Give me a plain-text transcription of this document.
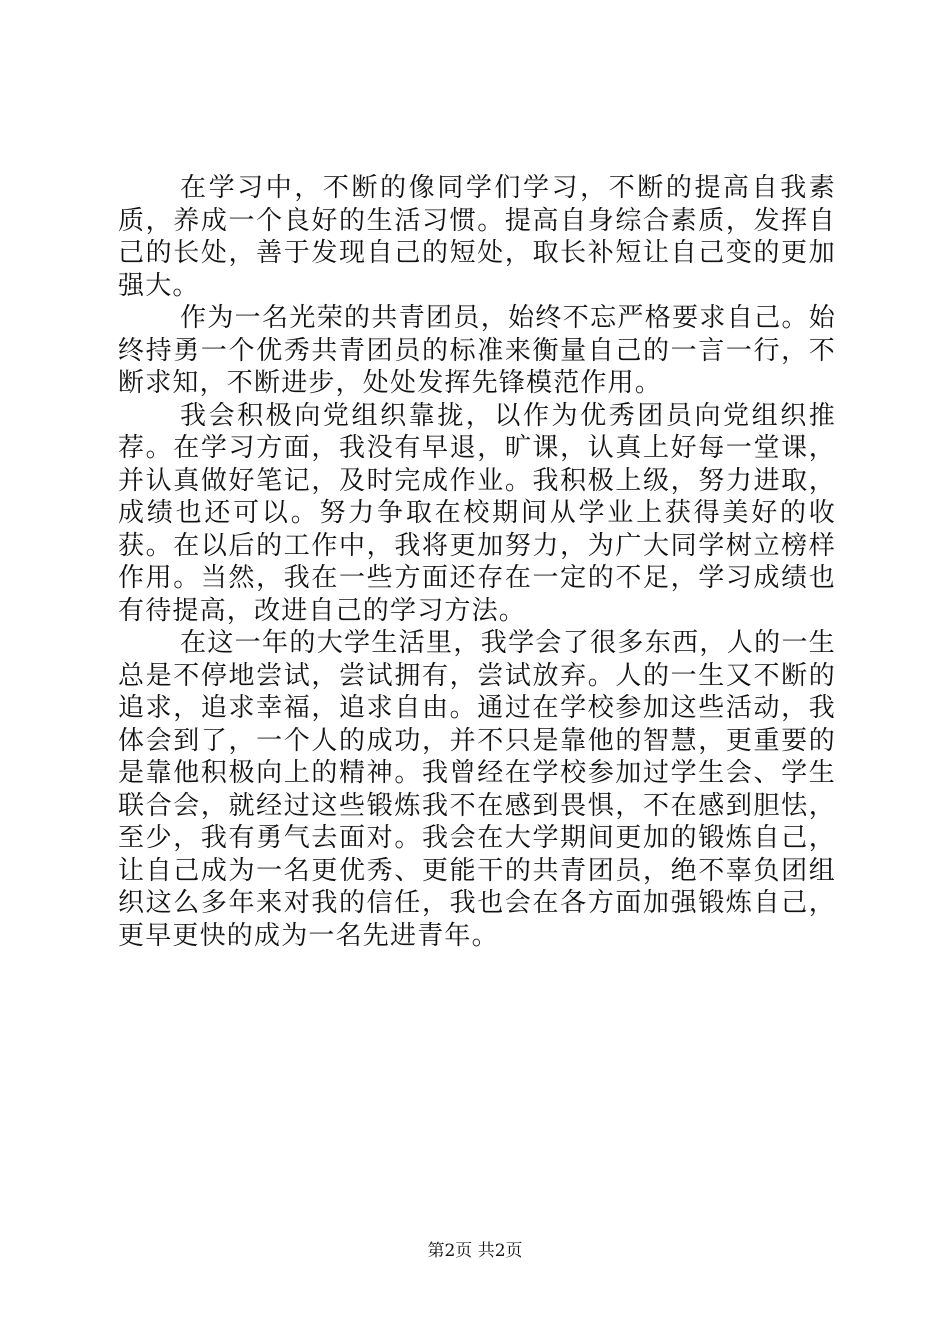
在学习中，不断的像同学们学习，不断的提高自我素质，养成一个良好的生活习惯。提高自身综合素质，发挥自己的长处，善于发现自己的短处，取长补短让自己变的更加强大。

作为一名光荣的共青团员，始终不忘严格要求自己。始终持勇一个优秀共青团员的标准来衡量自己的一言一行，不断求知，不断进步，处处发挥先锋模范作用。

我会积极向党组织靠拢，以作为优秀团员向党组织推荐。在学习方面，我没有早退，旷课，认真上好每一堂课，并认真做好笔记，及时完成作业。我积极上级，努力进取，成绩也还可以。努力争取在校期间从学业上获得美好的收获。在以后的工作中，我将更加努力，为广大同学树立榜样作用。当然，我在一些方面还存在一定的不足，学习成绩也有待提高，改进自己的学习方法。

在这一年的大学生活里，我学会了很多东西，人的一生总是不停地尝试，尝试拥有，尝试放弃。人的一生又不断的追求，追求幸福，追求自由。通过在学校参加这些活动，我体会到了，一个人的成功，并不只是靠他的智慧，更重要的是靠他积极向上的精神。我曾经在学校参加过学生会、学生联合会，就经过这些锻炼我不在感到畏惧，不在感到胆怯，至少，我有勇气去面对。我会在大学期间更加的锻炼自己，让自己成为一名更优秀、更能干的共青团员，绝不辜负团组织这么多年来对我的信任，我也会在各方面加强锻炼自己，更早更快的成为一名先进青年。

第2页 共2页
